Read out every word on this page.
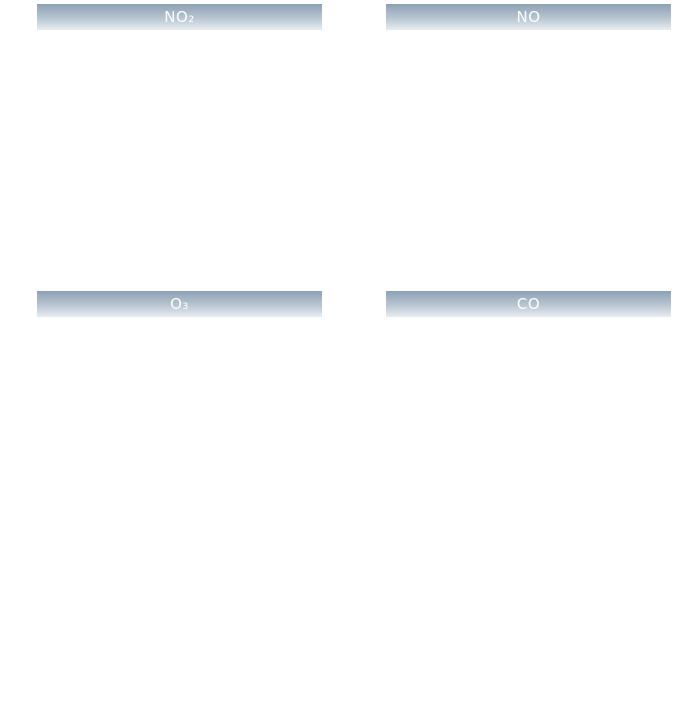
NO₂	NO
O₃	CO
